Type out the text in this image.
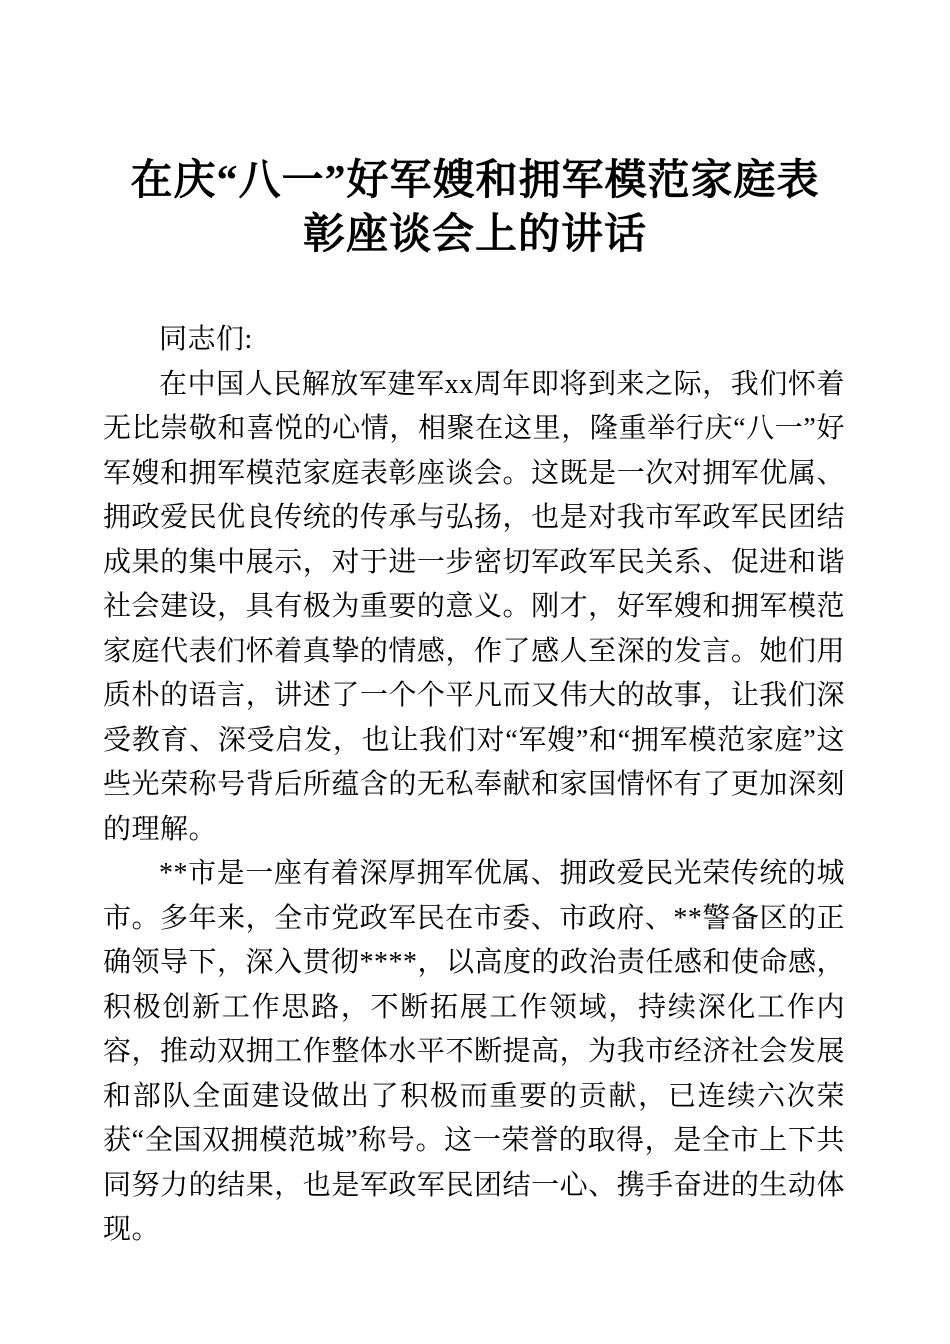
在庆“八一”好军嫂和拥军模范家庭表彰座谈会上的讲话

同志们:

在中国人民解放军建军xx周年即将到来之际，我们怀着无比崇敬和喜悦的心情，相聚在这里，隆重举行庆“八一”好军嫂和拥军模范家庭表彰座谈会。这既是一次对拥军优属、拥政爱民优良传统的传承与弘扬，也是对我市军政军民团结成果的集中展示，对于进一步密切军政军民关系、促进和谐社会建设，具有极为重要的意义。刚才，好军嫂和拥军模范家庭代表们怀着真挚的情感，作了感人至深的发言。她们用质朴的语言，讲述了一个个平凡而又伟大的故事，让我们深受教育、深受启发，也让我们对“军嫂”和“拥军模范家庭”这些光荣称号背后所蕴含的无私奉献和家国情怀有了更加深刻的理解。

**市是一座有着深厚拥军优属、拥政爱民光荣传统的城市。多年来，全市党政军民在市委、市政府、**警备区的正确领导下，深入贯彻****，以高度的政治责任感和使命感，积极创新工作思路，不断拓展工作领域，持续深化工作内容，推动双拥工作整体水平不断提高，为我市经济社会发展和部队全面建设做出了积极而重要的贡献，已连续六次荣获“全国双拥模范城”称号。这一荣誉的取得，是全市上下共同努力的结果，也是军政军民团结一心、携手奋进的生动体现。
